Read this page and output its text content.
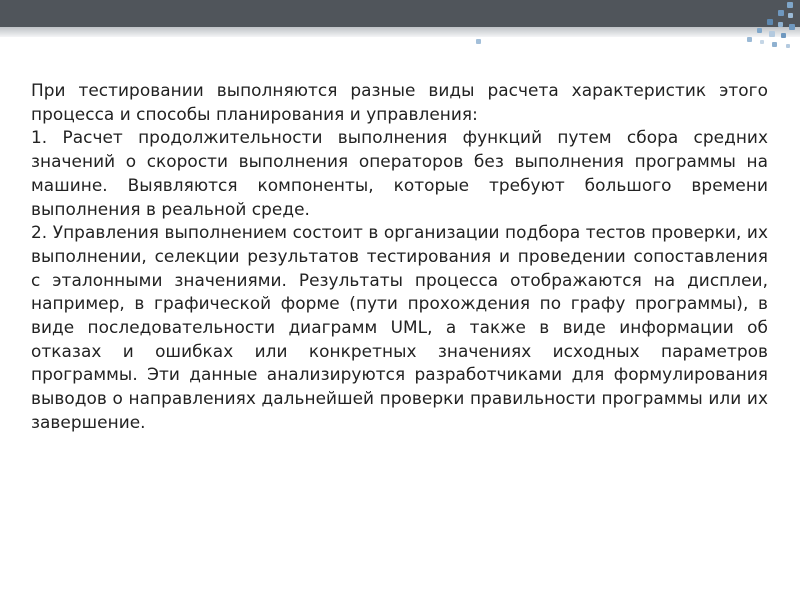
При тестировании выполняются разные виды расчета характеристик этого процесса и способы планирования и управления:

1. Расчет продолжительности выполнения функций путем сбора средних значений о скорости выполнения операторов без выполнения программы на машине. Выявляются компоненты, которые требуют большого времени выполнения в реальной среде.

2. Управления выполнением состоит в организации подбора тестов проверки, их выполнении, селекции результатов тестирования и проведении сопоставления с эталонными значениями. Результаты процесса отображаются на дисплеи, например, в графической форме (пути прохождения по графу программы), в виде последовательности диаграмм UML, а также в виде информации об отказах и ошибках или конкретных значениях исходных параметров программы. Эти данные анализируются разработчиками для формулирования выводов о направлениях дальнейшей проверки правильности программы или их завершение.
